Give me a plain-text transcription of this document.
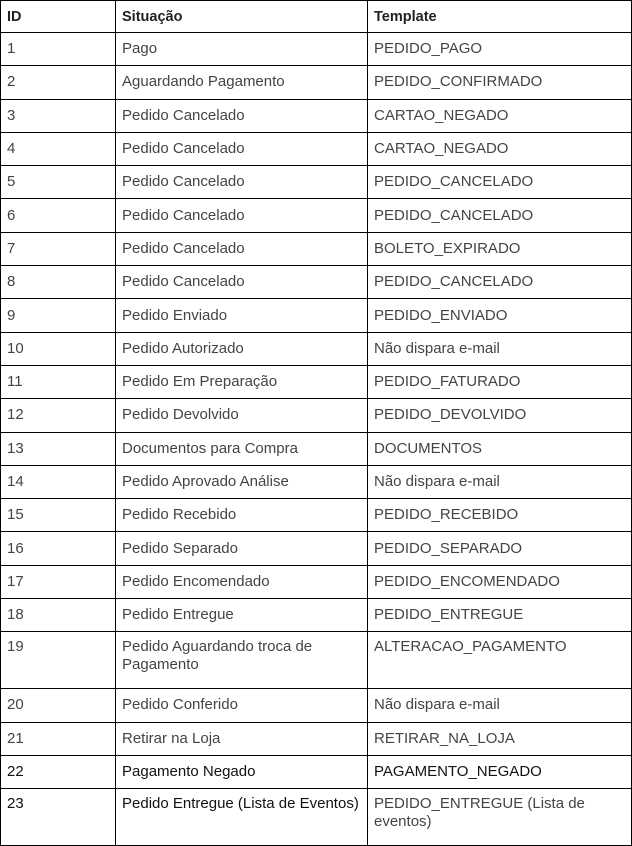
ID	Situação	Template
1	Pago	PEDIDO_PAGO
2	Aguardando Pagamento	PEDIDO_CONFIRMADO
3	Pedido Cancelado	CARTAO_NEGADO
4	Pedido Cancelado	CARTAO_NEGADO
5	Pedido Cancelado	PEDIDO_CANCELADO
6	Pedido Cancelado	PEDIDO_CANCELADO
7	Pedido Cancelado	BOLETO_EXPIRADO
8	Pedido Cancelado	PEDIDO_CANCELADO
9	Pedido Enviado	PEDIDO_ENVIADO
10	Pedido Autorizado	Não dispara e-mail
11	Pedido Em Preparação	PEDIDO_FATURADO
12	Pedido Devolvido	PEDIDO_DEVOLVIDO
13	Documentos para Compra	DOCUMENTOS
14	Pedido Aprovado Análise	Não dispara e-mail
15	Pedido Recebido	PEDIDO_RECEBIDO
16	Pedido Separado	PEDIDO_SEPARADO
17	Pedido Encomendado	PEDIDO_ENCOMENDADO
18	Pedido Entregue	PEDIDO_ENTREGUE
19	Pedido Aguardando troca de Pagamento	ALTERACAO_PAGAMENTO
20	Pedido Conferido	Não dispara e-mail
21	Retirar na Loja	RETIRAR_NA_LOJA
22	Pagamento Negado	PAGAMENTO_NEGADO
23	Pedido Entregue (Lista de Eventos)	PEDIDO_ENTREGUE (Lista de eventos)
